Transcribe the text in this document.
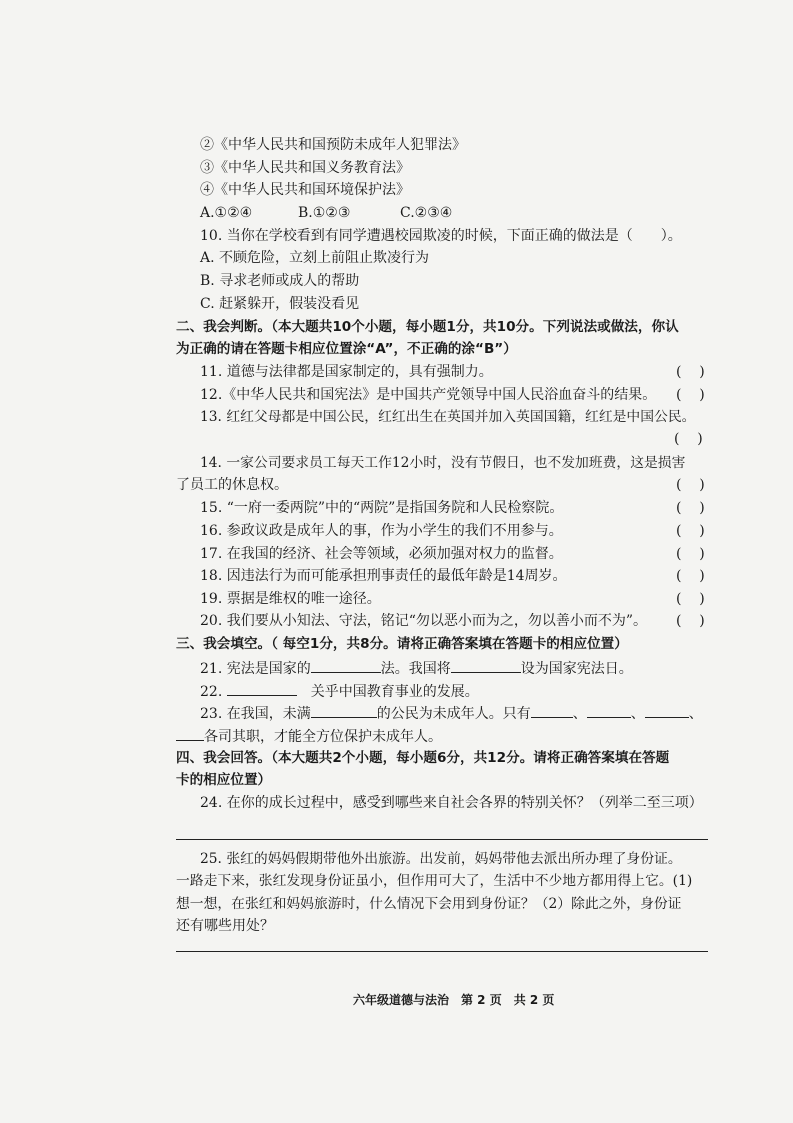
②《中华人民共和国预防未成年人犯罪法》
③《中华人民共和国义务教育法》
④《中华人民共和国环境保护法》
A.①②④	B.①②③	C.②③④
10. 当你在学校看到有同学遭遇校园欺凌的时候，下面正确的做法是（　　）。
A. 不顾危险，立刻上前阻止欺凌行为
B. 寻求老师或成人的帮助
C. 赶紧躲开，假装没看见
二、我会判断。（本大题共10个小题，每小题1分，共10分。下列说法或做法，你认
为正确的请在答题卡相应位置涂“A”，不正确的涂“B”）
11. 道德与法律都是国家制定的，具有强制力。	(    )
12.《中华人民共和国宪法》是中国共产党领导中国人民浴血奋斗的结果。 (    )
13. 红红父母都是中国公民，红红出生在英国并加入英国国籍，红红是中国公民。
(    )
14. 一家公司要求员工每天工作12小时，没有节假日，也不发加班费，这是损害
了员工的休息权。	(    )
15. “一府一委两院”中的“两院”是指国务院和人民检察院。	(    )
16. 参政议政是成年人的事，作为小学生的我们不用参与。	(    )
17. 在我国的经济、社会等领域，必须加强对权力的监督。	(    )
18. 因违法行为而可能承担刑事责任的最低年龄是14周岁。	(    )
19. 票据是维权的唯一途径。	(    )
20. 我们要从小知法、守法，铭记“勿以恶小而为之，勿以善小而不为”。 (    )
三、我会填空。（ 每空1分，共8分。请将正确答案填在答题卡的相应位置）
21. 宪法是国家的	法。我国将	设为国家宪法日。
22. 　	关乎中国教育事业的发展。
23. 在我国，未满	的公民为未成年人。只有	、	、	、
各司其职，才能全方位保护未成年人。
四、我会回答。（本大题共2个小题，每小题6分，共12分。请将正确答案填在答题
卡的相应位置）
24. 在你的成长过程中，感受到哪些来自社会各界的特别关怀？（列举二至三项）
25. 张红的妈妈假期带他外出旅游。出发前，妈妈带他去派出所办理了身份证。
一路走下来，张红发现身份证虽小，但作用可大了，生活中不少地方都用得上它。(1)
想一想，在张红和妈妈旅游时，什么情况下会用到身份证？（2）除此之外，身份证
还有哪些用处？
六年级道德与法治　第 2 页　共 2 页
